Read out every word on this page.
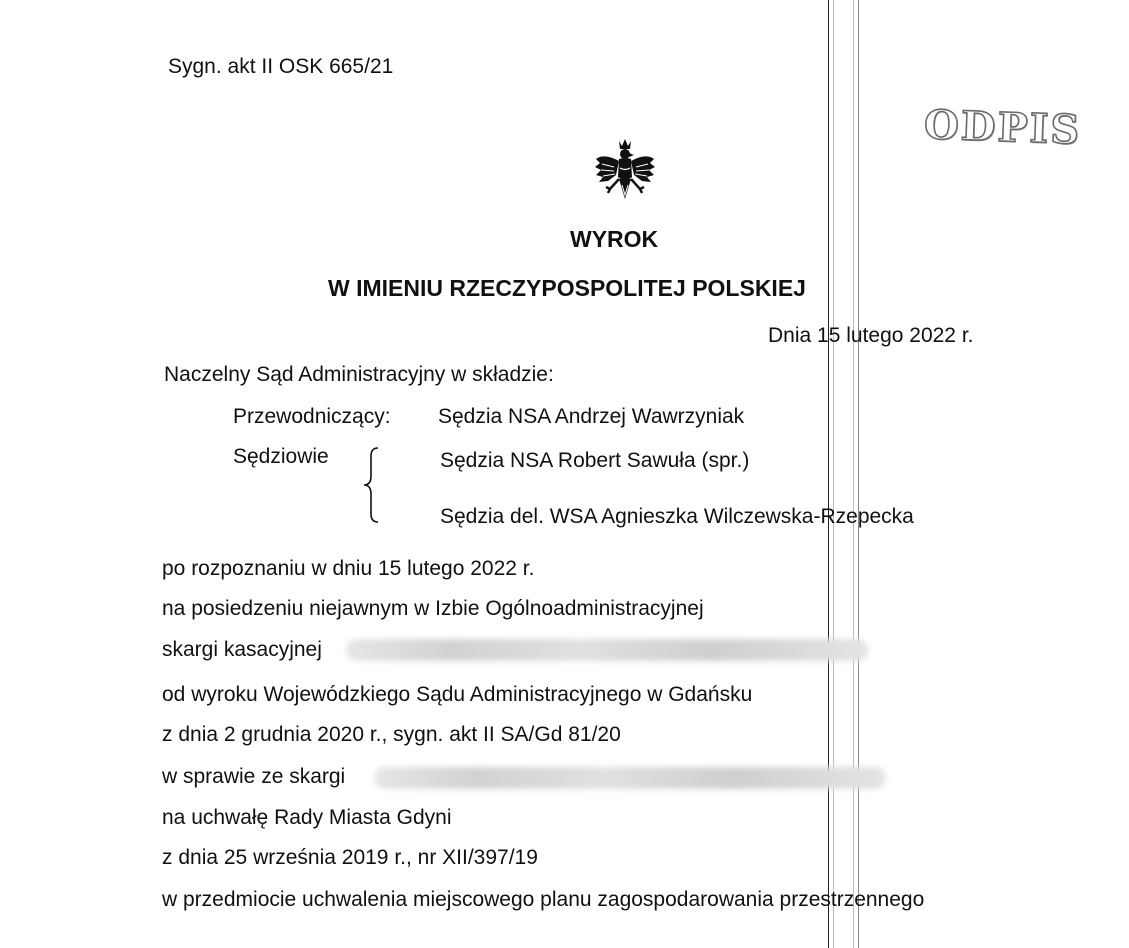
Sygn. akt II OSK 665/21
ODPIS
WYROK
W IMIENIU RZECZYPOSPOLITEJ POLSKIEJ
Dnia 15 lutego 2022 r.
Naczelny Sąd Administracyjny w składzie:
Przewodniczący: Sędzia NSA Andrzej Wawrzyniak
Sędziowie	Sędzia NSA Robert Sawuła (spr.)
Sędzia del. WSA Agnieszka Wilczewska-Rzepecka
po rozpoznaniu w dniu 15 lutego 2022 r.
na posiedzeniu niejawnym w Izbie Ogólnoadministracyjnej
skargi kasacyjnej
od wyroku Wojewódzkiego Sądu Administracyjnego w Gdańsku
z dnia 2 grudnia 2020 r., sygn. akt II SA/Gd 81/20
w sprawie ze skargi
na uchwałę Rady Miasta Gdyni
z dnia 25 września 2019 r., nr XII/397/19
w przedmiocie uchwalenia miejscowego planu zagospodarowania przestrzennego
